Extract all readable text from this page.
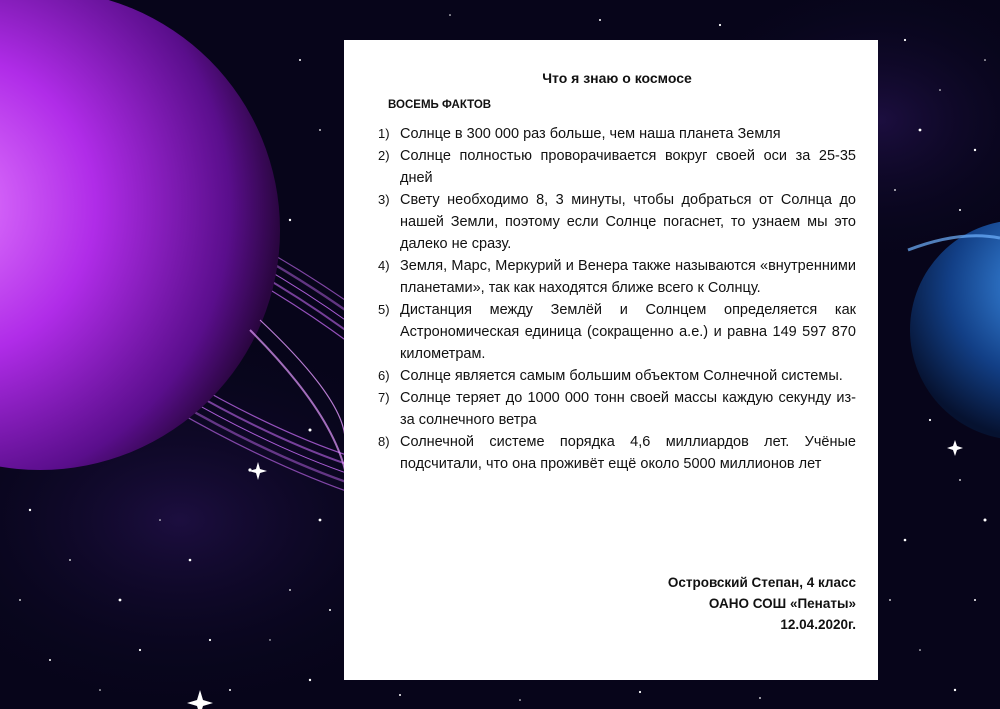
Что я знаю о космосе
ВОСЕМЬ ФАКТОВ
1) Солнце в 300 000 раз больше, чем наша планета Земля
2) Солнце полностью проворачивается вокруг своей оси за 25-35 дней
3) Свету необходимо 8, 3 минуты, чтобы добраться от Солнца до нашей Земли, поэтому если Солнце погаснет, то узнаем мы это далеко не сразу.
4) Земля, Марс, Меркурий и Венера также называются «внутренними планетами», так как находятся ближе всего к Солнцу.
5) Дистанция между Землёй и Солнцем определяется как Астрономическая единица (сокращенно а.е.) и равна 149 597 870 километрам.
6) Солнце является самым большим объектом Солнечной системы.
7) Солнце теряет до 1000 000 тонн своей массы каждую секунду из-за солнечного ветра
8) Солнечной системе порядка 4,6 миллиардов лет. Учёные подсчитали, что она проживёт ещё около 5000 миллионов лет
Островский Степан, 4 класс
ОАНО СОШ «Пенаты»
12.04.2020г.
